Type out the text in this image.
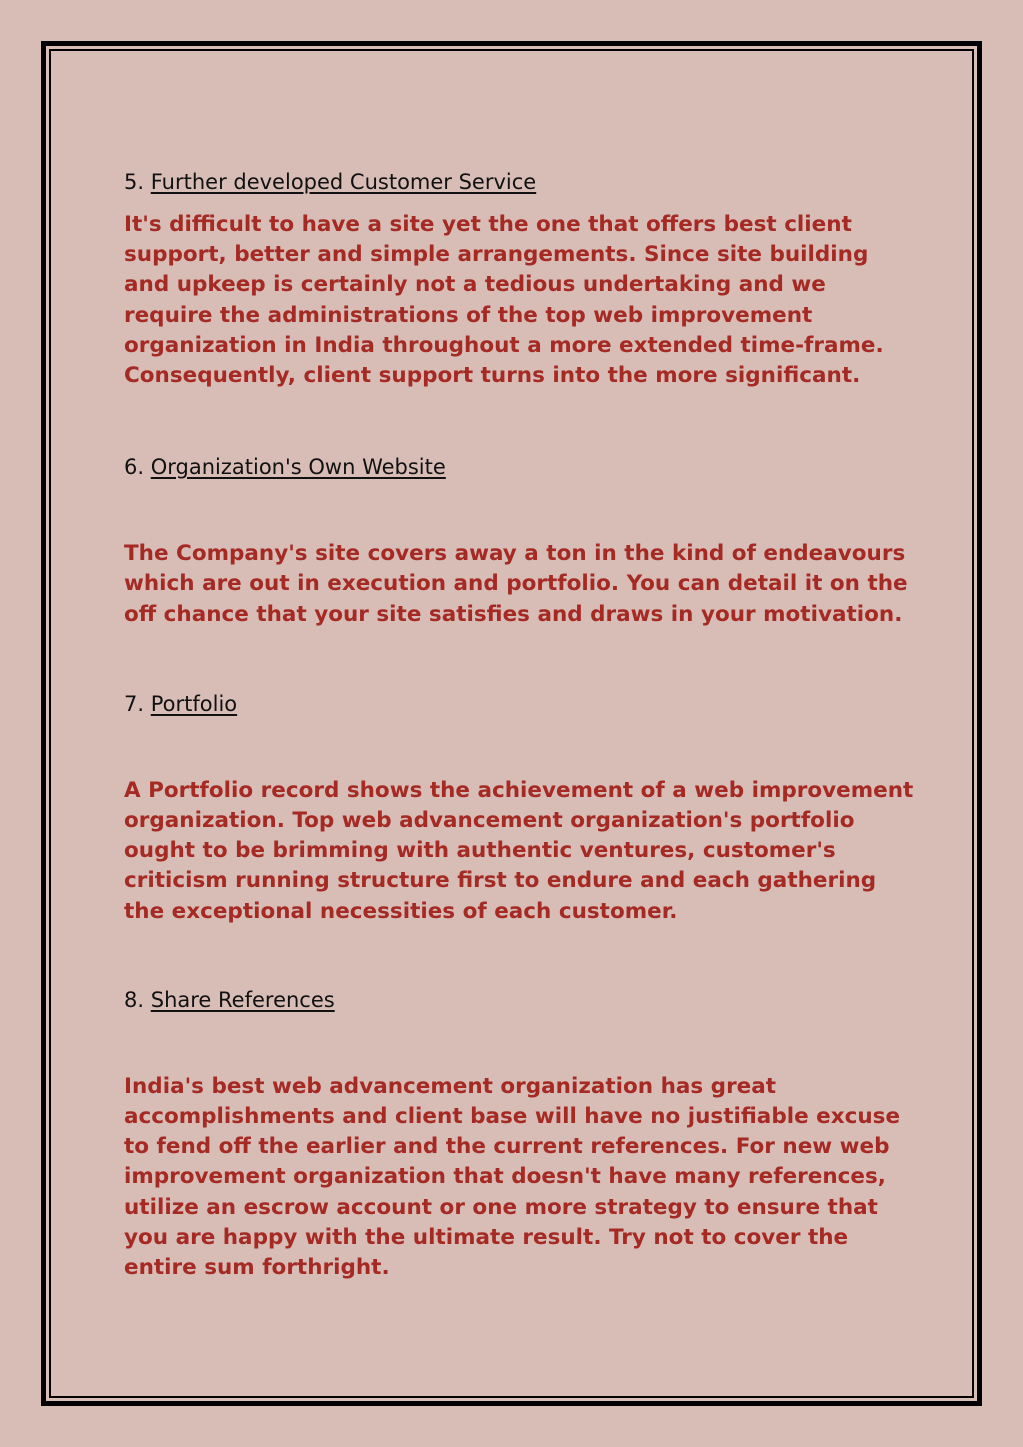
5. Further developed Customer Service

It's difficult to have a site yet the one that offers best client support, better and simple arrangements. Since site building and upkeep is certainly not a tedious undertaking and we require the administrations of the top web improvement organization in India throughout a more extended time-frame. Consequently, client support turns into the more significant.

6. Organization's Own Website

The Company's site covers away a ton in the kind of endeavours which are out in execution and portfolio. You can detail it on the off chance that your site satisfies and draws in your motivation.

7. Portfolio

A Portfolio record shows the achievement of a web improvement organization. Top web advancement organization's portfolio ought to be brimming with authentic ventures, customer's criticism running structure first to endure and each gathering the exceptional necessities of each customer.

8. Share References

India's best web advancement organization has great accomplishments and client base will have no justifiable excuse to fend off the earlier and the current references. For new web improvement organization that doesn't have many references, utilize an escrow account or one more strategy to ensure that you are happy with the ultimate result. Try not to cover the entire sum forthright.
